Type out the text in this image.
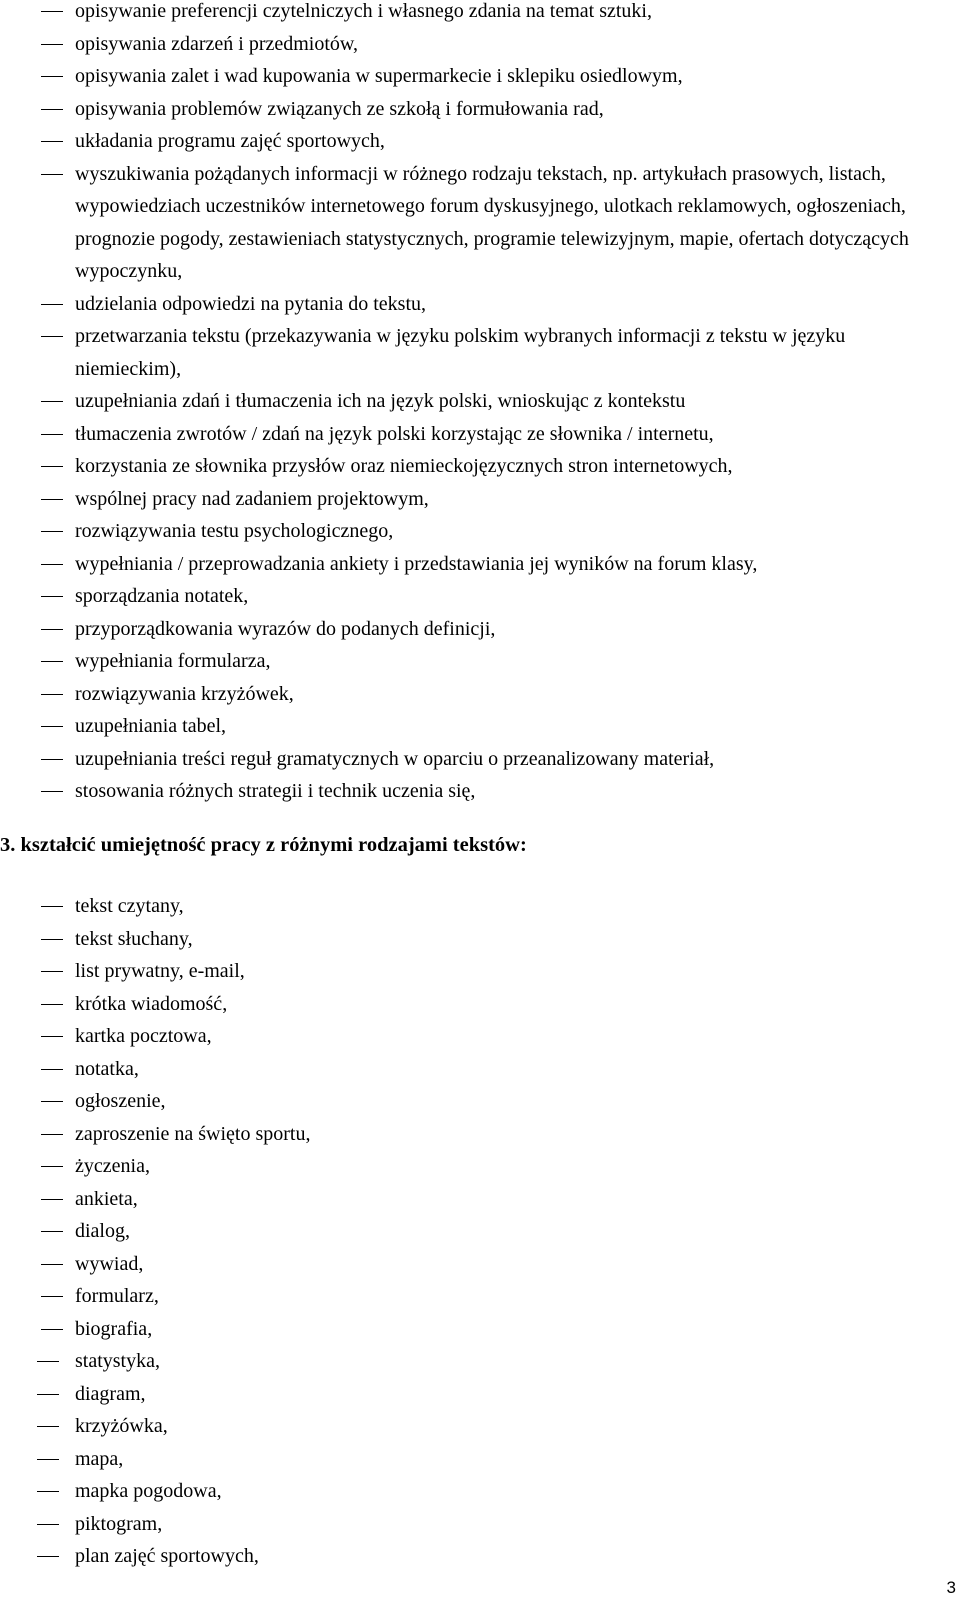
opisywanie preferencji czytelniczych i własnego zdania na temat sztuki,
opisywania zdarzeń i przedmiotów,
opisywania zalet i wad kupowania w supermarkecie i sklepiku osiedlowym,
opisywania problemów związanych ze szkołą i formułowania rad,
układania programu zajęć sportowych,
wyszukiwania pożądanych informacji w różnego rodzaju tekstach, np. artykułach prasowych, listach, wypowiedziach uczestników internetowego forum dyskusyjnego, ulotkach reklamowych, ogłoszeniach, prognozie pogody, zestawieniach statystycznych, programie telewizyjnym, mapie, ofertach dotyczących wypoczynku,
udzielania odpowiedzi na pytania do tekstu,
przetwarzania tekstu (przekazywania w języku polskim wybranych informacji z tekstu w języku niemieckim),
uzupełniania zdań i tłumaczenia ich na język polski, wnioskując z kontekstu
tłumaczenia zwrotów / zdań na język polski korzystając ze słownika / internetu,
korzystania ze słownika przysłów oraz niemieckojęzycznych stron internetowych,
wspólnej pracy nad zadaniem projektowym,
rozwiązywania testu psychologicznego,
wypełniania / przeprowadzania ankiety i przedstawiania jej wyników na forum klasy,
sporządzania notatek,
przyporządkowania wyrazów do podanych definicji,
wypełniania formularza,
rozwiązywania krzyżówek,
uzupełniania tabel,
uzupełniania treści reguł gramatycznych w oparciu o przeanalizowany materiał,
stosowania różnych strategii i technik uczenia się,
3. kształcić umiejętność pracy z różnymi rodzajami tekstów:
tekst czytany,
tekst słuchany,
list prywatny, e-mail,
krótka wiadomość,
kartka pocztowa,
notatka,
ogłoszenie,
zaproszenie na święto sportu,
życzenia,
ankieta,
dialog,
wywiad,
formularz,
biografia,
statystyka,
diagram,
krzyżówka,
mapa,
mapka pogodowa,
piktogram,
plan zajęć sportowych,
3
